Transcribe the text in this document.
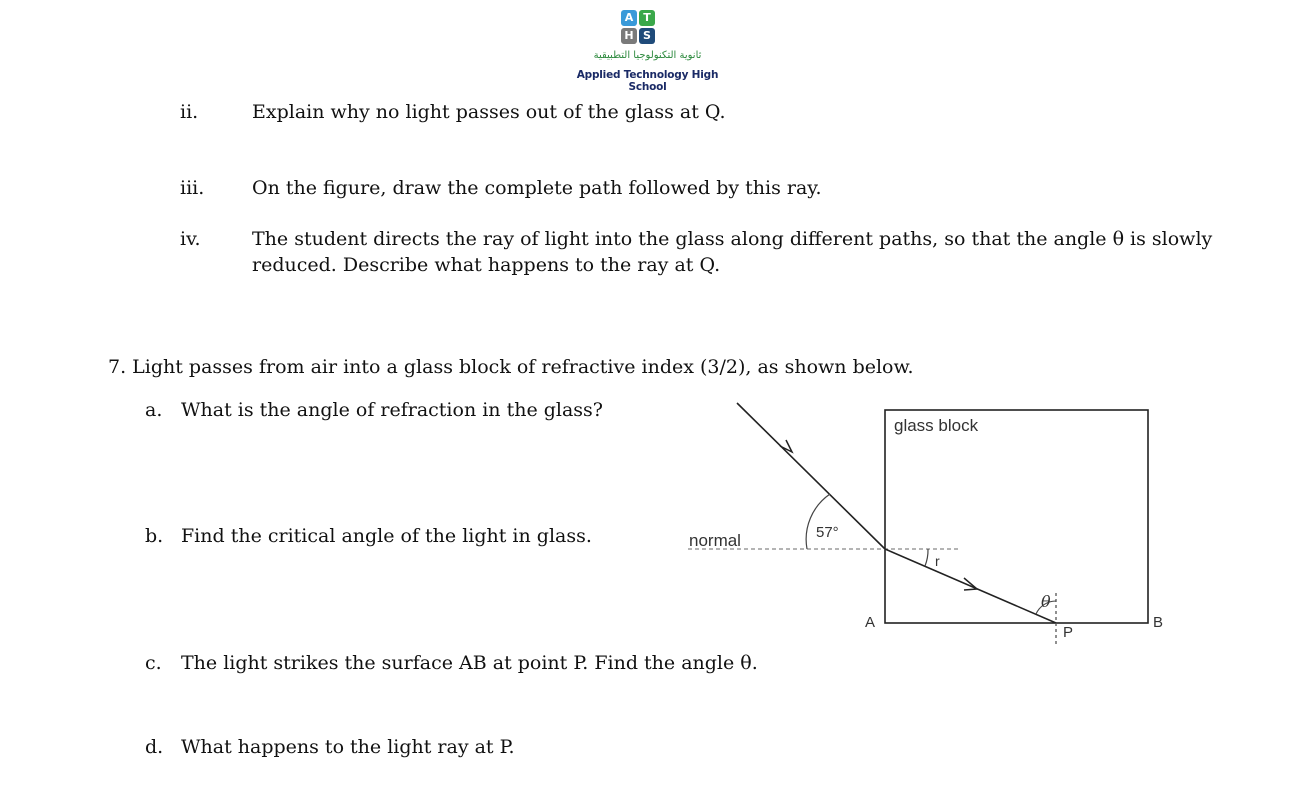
A T
H S
ثانوية التكنولوجيا التطبيقية
Applied Technology High School
ii.	Explain why no light passes out of the glass at Q.
iii.	On the figure, draw the complete path followed by this ray.
iv.	The student directs the ray of light into the glass along different paths, so that the angle θ is slowly
reduced. Describe what happens to the ray at Q.
7. Light passes from air into a glass block of refractive index (3/2), as shown below.
a. What is the angle of refraction in the glass?
b. Find the critical angle of the light in glass.
c. The light strikes the surface AB at point P. Find the angle θ.
d. What happens to the light ray at P.
glass block
normal	57°
r
θ
A	B
P
